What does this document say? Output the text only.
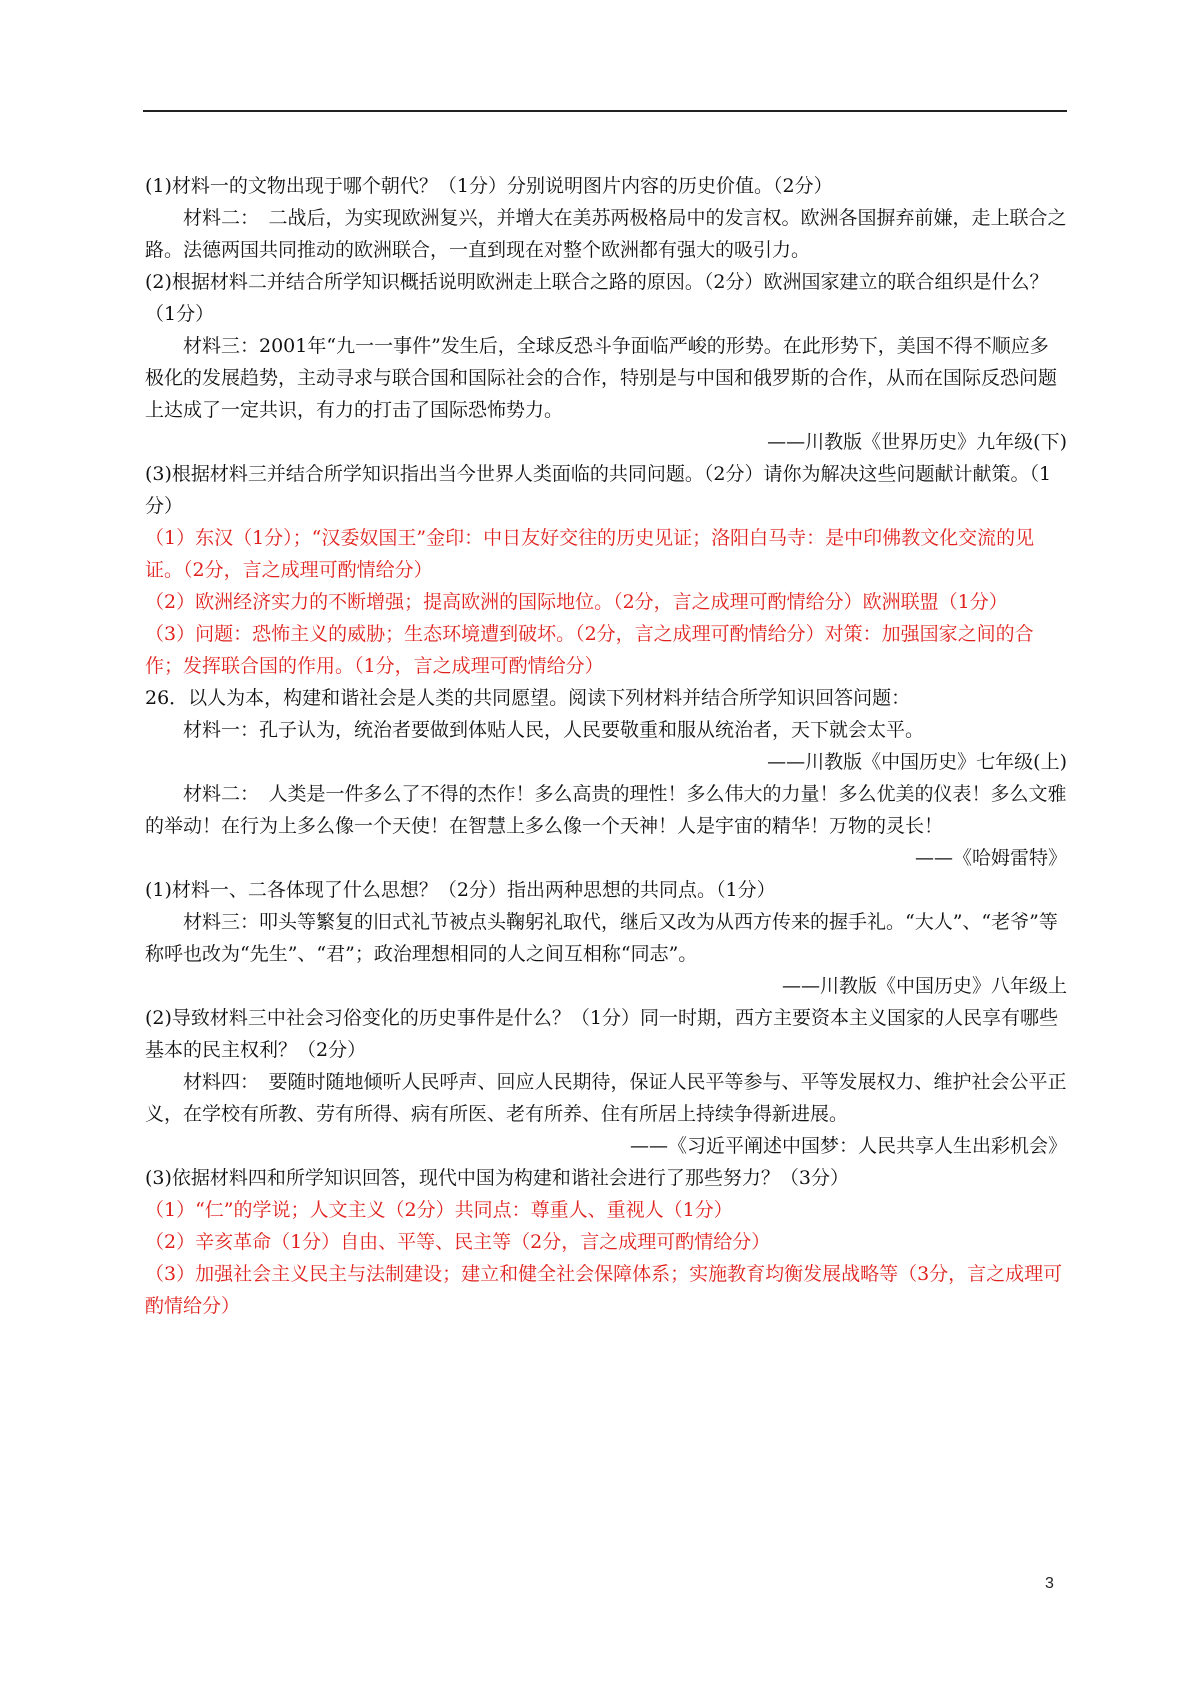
(1)材料一的文物出现于哪个朝代？（1分）分别说明图片内容的历史价值。（2分）

材料二：　二战后，为实现欧洲复兴，并增大在美苏两极格局中的发言权。欧洲各国摒弃前嫌，走上联合之路。法德两国共同推动的欧洲联合，一直到现在对整个欧洲都有强大的吸引力。

(2)根据材料二并结合所学知识概括说明欧洲走上联合之路的原因。（2分）欧洲国家建立的联合组织是什么？（1分）

材料三：2001年“九一一事件”发生后，全球反恐斗争面临严峻的形势。在此形势下，美国不得不顺应多极化的发展趋势，主动寻求与联合国和国际社会的合作，特别是与中国和俄罗斯的合作，从而在国际反恐问题上达成了一定共识，有力的打击了国际恐怖势力。

——川教版《世界历史》九年级(下)

(3)根据材料三并结合所学知识指出当今世界人类面临的共同问题。（2分）请你为解决这些问题献计献策。（1分）

（1）东汉（1分）；“汉委奴国王”金印：中日友好交往的历史见证；洛阳白马寺：是中印佛教文化交流的见证。（2分，言之成理可酌情给分）

（2）欧洲经济实力的不断增强；提高欧洲的国际地位。（2分，言之成理可酌情给分）欧洲联盟（1分）

（3）问题：恐怖主义的威胁；生态环境遭到破坏。（2分，言之成理可酌情给分）对策：加强国家之间的合作；发挥联合国的作用。（1分，言之成理可酌情给分）

26．以人为本，构建和谐社会是人类的共同愿望。阅读下列材料并结合所学知识回答问题：

材料一：孔子认为，统治者要做到体贴人民，人民要敬重和服从统治者，天下就会太平。

——川教版《中国历史》七年级(上)

材料二：　人类是一件多么了不得的杰作！多么高贵的理性！多么伟大的力量！多么优美的仪表！多么文雅的举动！在行为上多么像一个天使！在智慧上多么像一个天神！人是宇宙的精华！万物的灵长！

——《哈姆雷特》

(1)材料一、二各体现了什么思想？（2分）指出两种思想的共同点。（1分）

材料三：叩头等繁复的旧式礼节被点头鞠躬礼取代，继后又改为从西方传来的握手礼。“大人”、“老爷”等称呼也改为“先生”、“君”；政治理想相同的人之间互相称“同志”。

——川教版《中国历史》八年级上

(2)导致材料三中社会习俗变化的历史事件是什么？（1分）同一时期，西方主要资本主义国家的人民享有哪些基本的民主权利？（2分）

材料四：　要随时随地倾听人民呼声、回应人民期待，保证人民平等参与、平等发展权力、维护社会公平正义，在学校有所教、劳有所得、病有所医、老有所养、住有所居上持续争得新进展。

——《习近平阐述中国梦：人民共享人生出彩机会》

(3)依据材料四和所学知识回答，现代中国为构建和谐社会进行了那些努力？（3分）

（1）“仁”的学说；人文主义（2分）共同点：尊重人、重视人（1分）

（2）辛亥革命（1分）自由、平等、民主等（2分，言之成理可酌情给分）

（3）加强社会主义民主与法制建设；建立和健全社会保障体系；实施教育均衡发展战略等（3分，言之成理可酌情给分）

3
